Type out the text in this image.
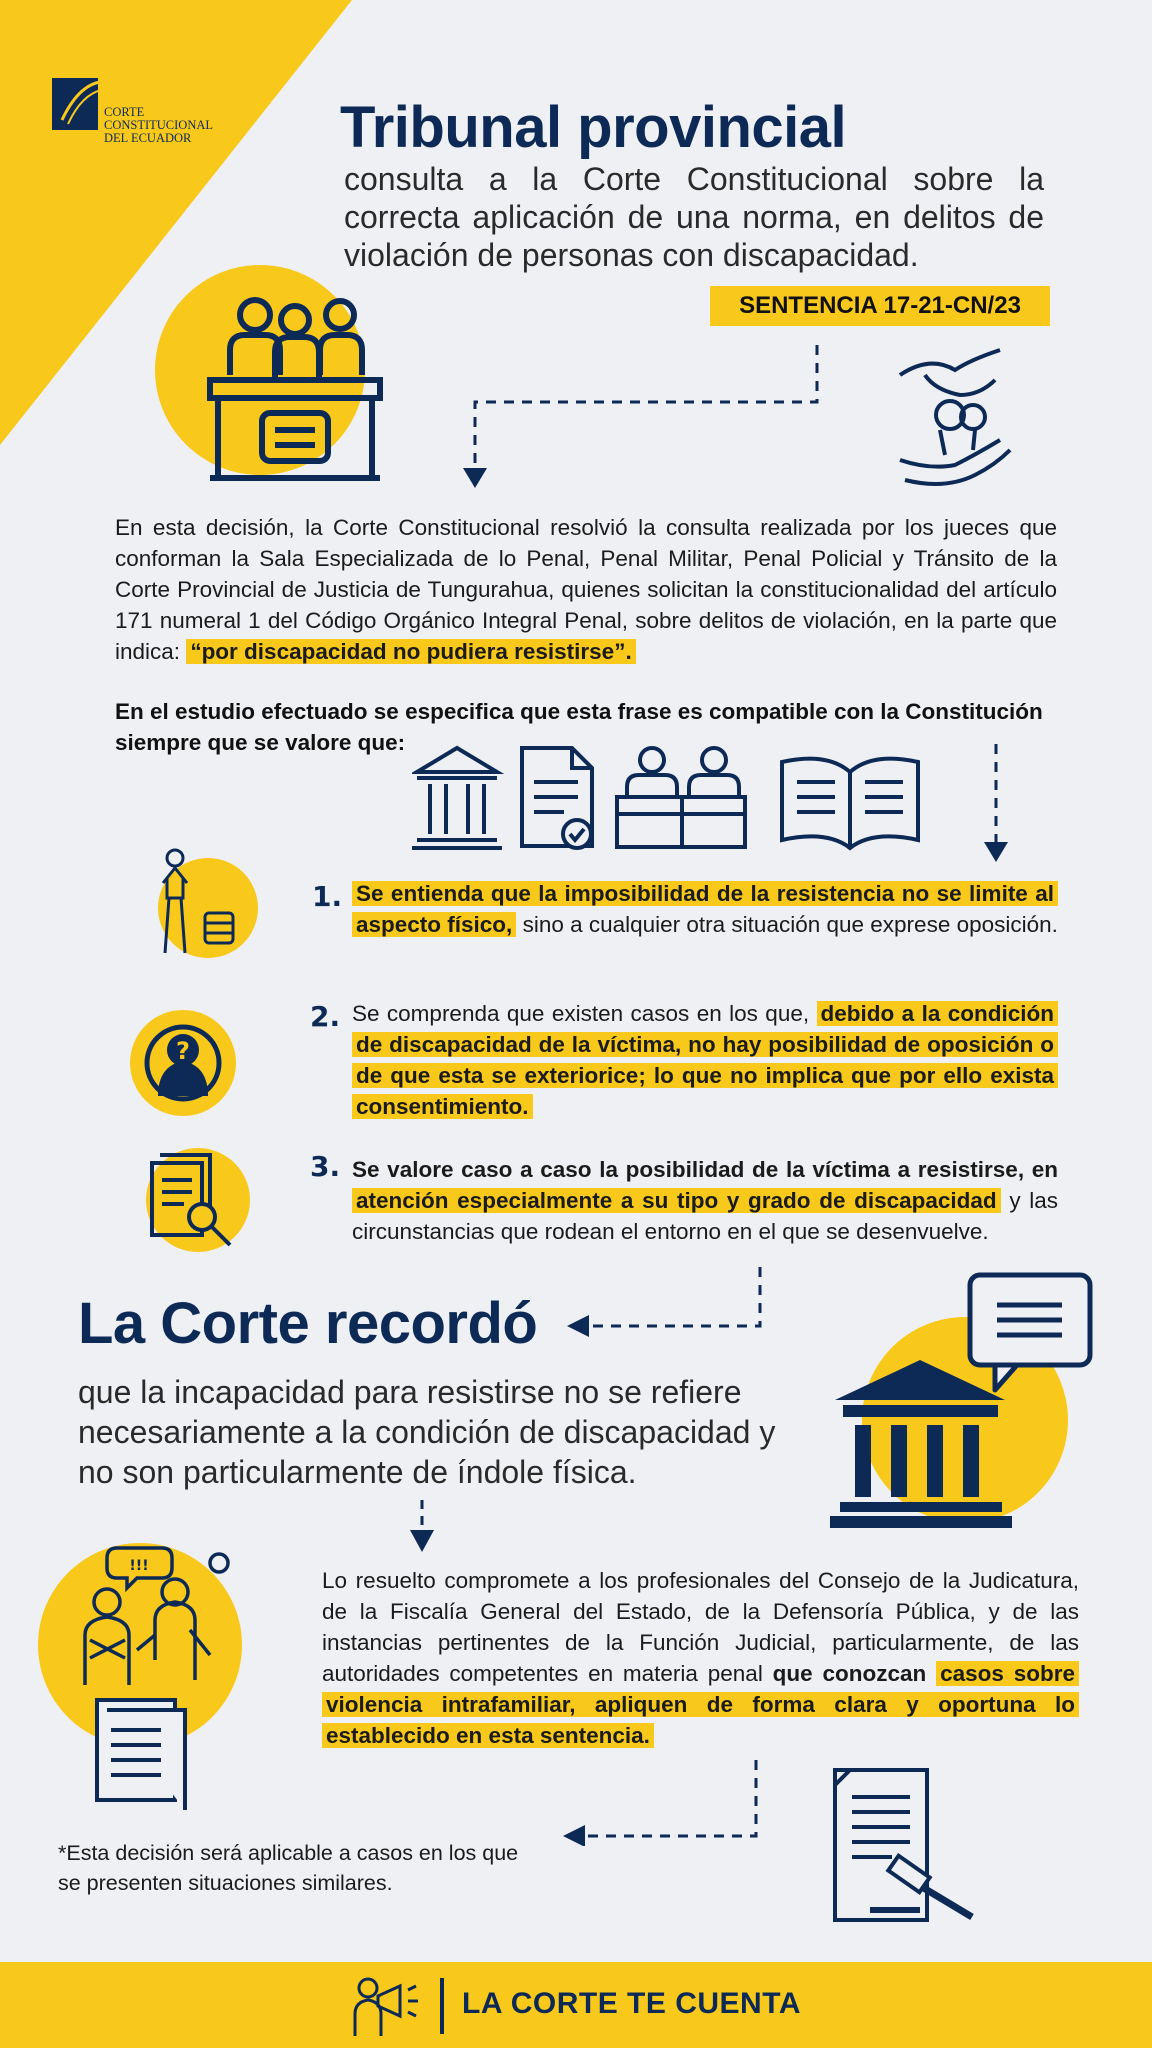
CORTE
CONSTITUCIONAL
DEL ECUADOR	Tribunal provincial
consulta a la Corte Constitucional sobre la correcta aplicación de una norma, en delitos de violación de personas con discapacidad.
SENTENCIA 17-21-CN/23
En esta decisión, la Corte Constitucional resolvió la consulta realizada por los jueces que conforman la Sala Especializada de lo Penal, Penal Militar, Penal Policial y Tránsito de la Corte Provincial de Justicia de Tungurahua, quienes solicitan la constitucionalidad del artículo 171 numeral 1 del Código Orgánico Integral Penal, sobre delitos de violación, en la parte que indica: “por discapacidad no pudiera resistirse”.
En el estudio efectuado se especifica que esta frase es compatible con la Constitución siempre que se valore que:
?
1. Se entienda que la imposibilidad de la resistencia no se limite al aspecto físico, sino a cualquier otra situación que exprese oposición.
2. Se comprenda que existen casos en los que, debido a la condición de discapacidad de la víctima, no hay posibilidad de oposición o de que esta se exteriorice; lo que no implica que por ello exista consentimiento.
3. Se valore caso a caso la posibilidad de la víctima a resistirse, en atención especialmente a su tipo y grado de discapacidad y las circunstancias que rodean el entorno en el que se desenvuelve.
La Corte recordó
que la incapacidad para resistirse no se refiere necesariamente a la condición de discapacidad y no son particularmente de índole física.
!!!
Lo resuelto compromete a los profesionales del Consejo de la Judicatura, de la Fiscalía General del Estado, de la Defensoría Pública, y de las instancias pertinentes de la Función Judicial, particularmente, de las autoridades competentes en materia penal que conozcan casos sobre violencia intrafamiliar, apliquen de forma clara y oportuna lo establecido en esta sentencia.
*Esta decisión será aplicable a casos en los que se presenten situaciones similares.
LA CORTE TE CUENTA
